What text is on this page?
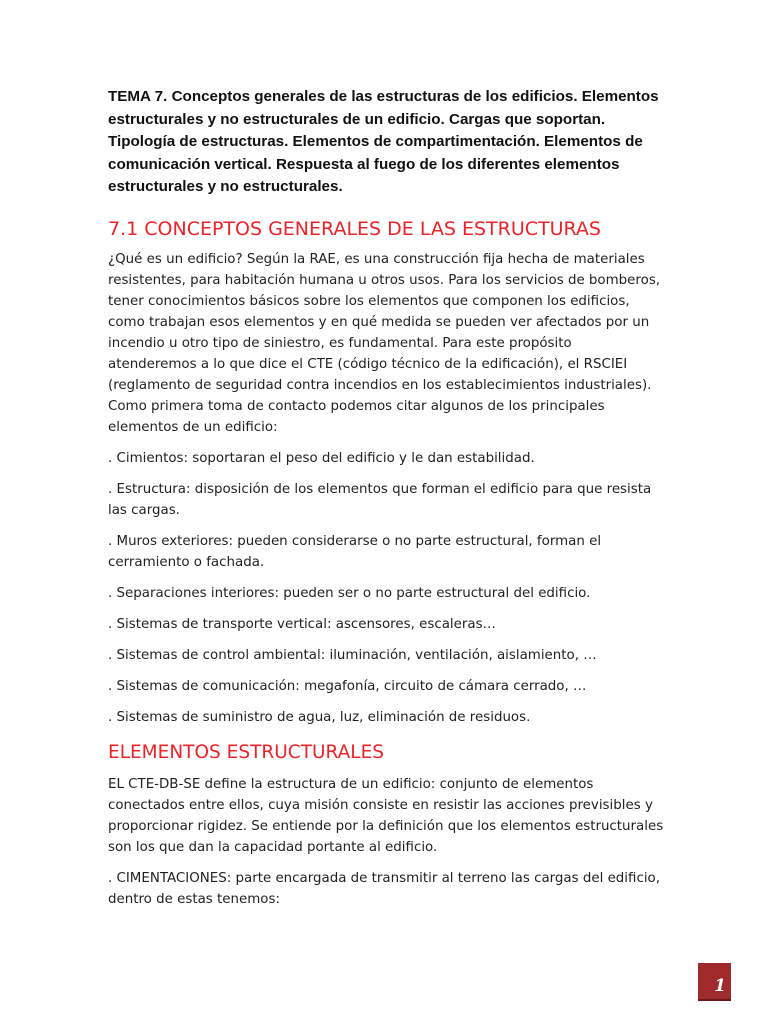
TEMA 7. Conceptos generales de las estructuras de los edificios. Elementos estructurales y no estructurales de un edificio. Cargas que soportan. Tipología de estructuras. Elementos de compartimentación. Elementos de comunicación vertical. Respuesta al fuego de los diferentes elementos estructurales y no estructurales.

7.1 CONCEPTOS GENERALES DE LAS ESTRUCTURAS

¿Qué es un edificio? Según la RAE, es una construcción fija hecha de materiales resistentes, para habitación humana u otros usos. Para los servicios de bomberos, tener conocimientos básicos sobre los elementos que componen los edificios, como trabajan esos elementos y en qué medida se pueden ver afectados por un incendio u otro tipo de siniestro, es fundamental. Para este propósito atenderemos a lo que dice el CTE (código técnico de la edificación), el RSCIEI (reglamento de seguridad contra incendios en los establecimientos industriales). Como primera toma de contacto podemos citar algunos de los principales elementos de un edificio:

. Cimientos: soportaran el peso del edificio y le dan estabilidad.

. Estructura: disposición de los elementos que forman el edificio para que resista las cargas.

. Muros exteriores: pueden considerarse o no parte estructural, forman el cerramiento o fachada.

. Separaciones interiores: pueden ser o no parte estructural del edificio.

. Sistemas de transporte vertical: ascensores, escaleras…

. Sistemas de control ambiental: iluminación, ventilación, aislamiento, …

. Sistemas de comunicación: megafonía, circuito de cámara cerrado, …

. Sistemas de suministro de agua, luz, eliminación de residuos.

ELEMENTOS ESTRUCTURALES

EL CTE-DB-SE define la estructura de un edificio: conjunto de elementos conectados entre ellos, cuya misión consiste en resistir las acciones previsibles y proporcionar rigidez. Se entiende por la definición que los elementos estructurales son los que dan la capacidad portante al edificio.

. CIMENTACIONES: parte encargada de transmitir al terreno las cargas del edificio, dentro de estas tenemos:

1
